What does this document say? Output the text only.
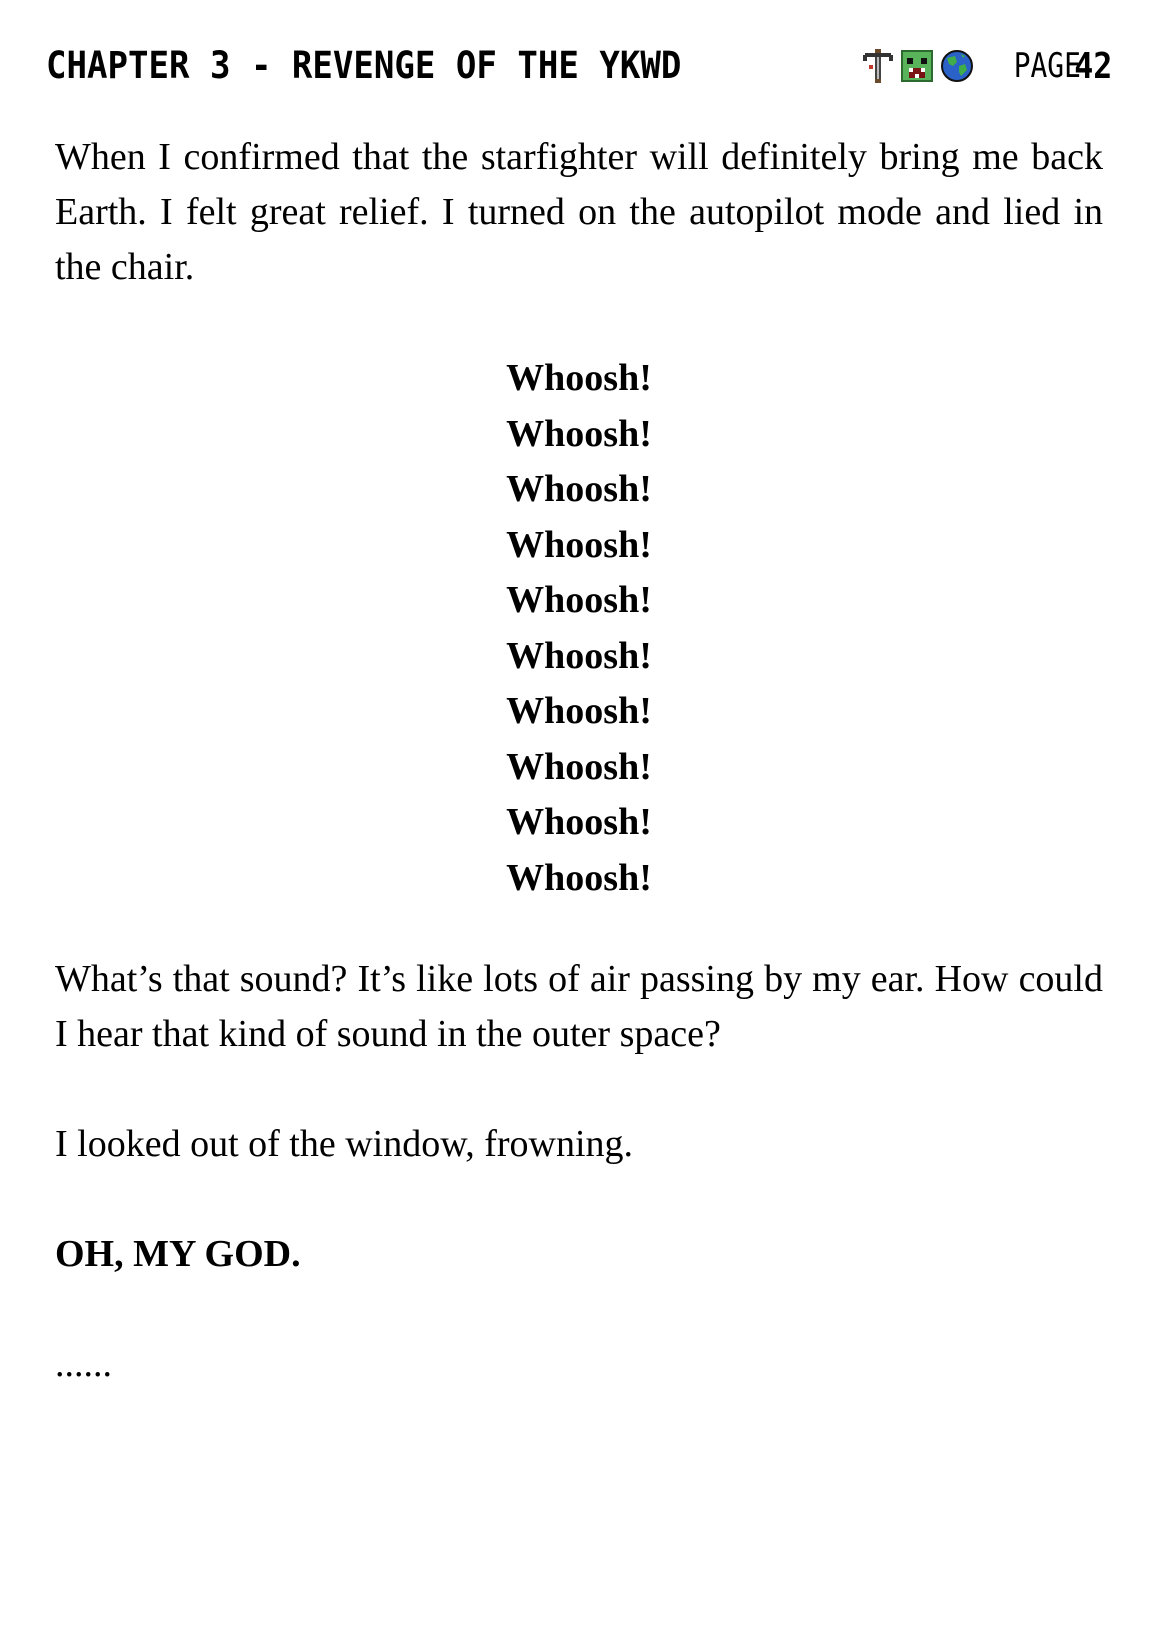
CHAPTER 3 - REVENGE OF THE YKWD	PAGE
42

When I confirmed that the starfighter will definitely bring me back Earth. I felt great relief. I turned on the autopilot mode and lied in the chair.

Whoosh!
Whoosh!
Whoosh!
Whoosh!
Whoosh!
Whoosh!
Whoosh!
Whoosh!
Whoosh!
Whoosh!

What’s that sound? It’s like lots of air passing by my ear. How could I hear that kind of sound in the outer space?

I looked out of the window, frowning.

OH, MY GOD.

......
